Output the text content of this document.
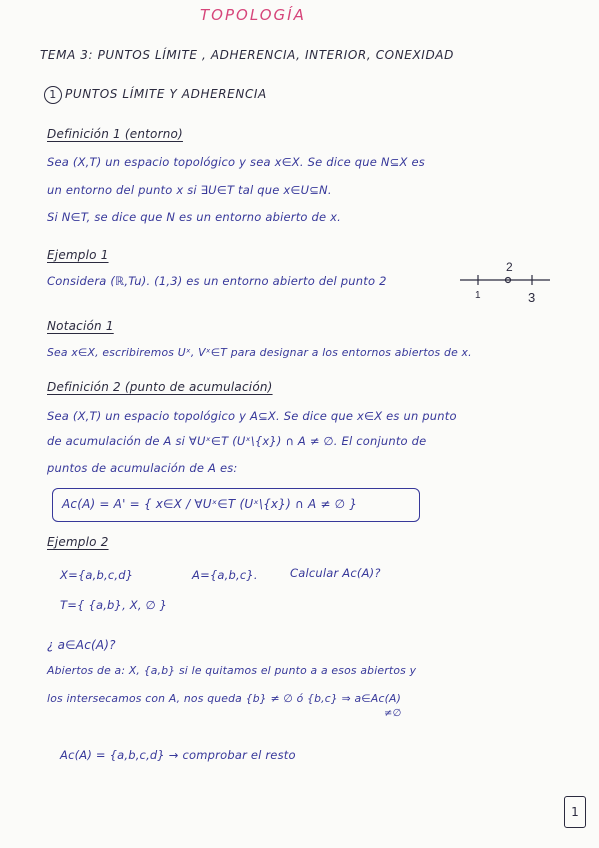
TOPOLOGÍA
TEMA 3: PUNTOS LÍMITE , ADHERENCIA, INTERIOR, CONEXIDAD
1 PUNTOS LÍMITE Y ADHERENCIA
Definición 1 (entorno)
Sea (X,T) un espacio topológico y sea x∈X. Se dice que N⊆X es
un entorno del punto x si ∃U∈T tal que x∈U⊆N.
Si N∈T, se dice que N es un entorno abierto de x.
Ejemplo 1
Considera (ℝ,Tu). (1,3) es un entorno abierto del punto 2
2
1	3
Notación 1
Sea x∈X, escribiremos Uˣ, Vˣ∈T para designar a los entornos abiertos de x.
Definición 2 (punto de acumulación)
Sea (X,T) un espacio topológico y A⊆X. Se dice que x∈X es un punto
de acumulación de A si ∀Uˣ∈T (Uˣ\{x}) ∩ A ≠ ∅. El conjunto de
puntos de acumulación de A es:
Ac(A) = A' = { x∈X / ∀Uˣ∈T (Uˣ\{x}) ∩ A ≠ ∅ }
Ejemplo 2
X={a,b,c,d}	A={a,b,c}.	Calcular Ac(A)?
T={ {a,b}, X, ∅ }
¿ a∈Ac(A)?
Abiertos de a: X, {a,b} si le quitamos el punto a a esos abiertos y
los intersecamos con A, nos queda {b} ≠ ∅ ó {b,c} ⇒ a∈Ac(A)
≠∅
Ac(A) = {a,b,c,d} → comprobar el resto
1
